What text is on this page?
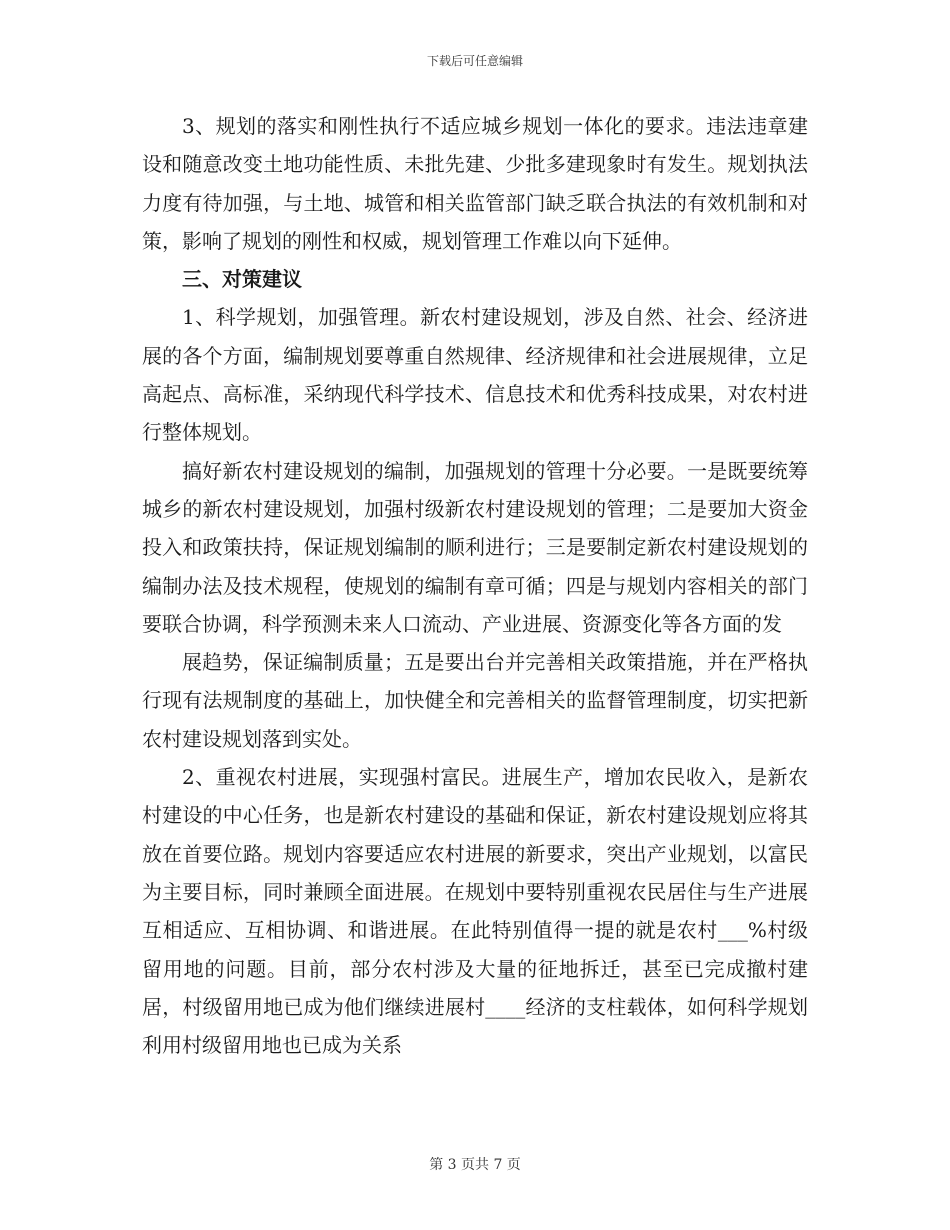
下载后可任意编辑

3、规划的落实和刚性执行不适应城乡规划一体化的要求。违法违章建设和随意改变土地功能性质、未批先建、少批多建现象时有发生。规划执法力度有待加强，与土地、城管和相关监管部门缺乏联合执法的有效机制和对策，影响了规划的刚性和权威，规划管理工作难以向下延伸。

三、对策建议

1、科学规划，加强管理。新农村建设规划，涉及自然、社会、经济进展的各个方面，编制规划要尊重自然规律、经济规律和社会进展规律，立足高起点、高标准，采纳现代科学技术、信息技术和优秀科技成果，对农村进行整体规划。

搞好新农村建设规划的编制，加强规划的管理十分必要。一是既要统筹城乡的新农村建设规划，加强村级新农村建设规划的管理；二是要加大资金投入和政策扶持，保证规划编制的顺利进行；三是要制定新农村建设规划的编制办法及技术规程，使规划的编制有章可循；四是与规划内容相关的部门要联合协调，科学预测未来人口流动、产业进展、资源变化等各方面的发

展趋势，保证编制质量；五是要出台并完善相关政策措施，并在严格执行现有法规制度的基础上，加快健全和完善相关的监督管理制度，切实把新农村建设规划落到实处。

2、重视农村进展，实现强村富民。进展生产，增加农民收入，是新农村建设的中心任务，也是新农村建设的基础和保证，新农村建设规划应将其放在首要位路。规划内容要适应农村进展的新要求，突出产业规划，以富民为主要目标，同时兼顾全面进展。在规划中要特别重视农民居住与生产进展互相适应、互相协调、和谐进展。在此特别值得一提的就是农村___%村级留用地的问题。目前，部分农村涉及大量的征地拆迁，甚至已完成撤村建居，村级留用地已成为他们继续进展村____经济的支柱载体，如何科学规划利用村级留用地也已成为关系

第 3 页共 7 页
